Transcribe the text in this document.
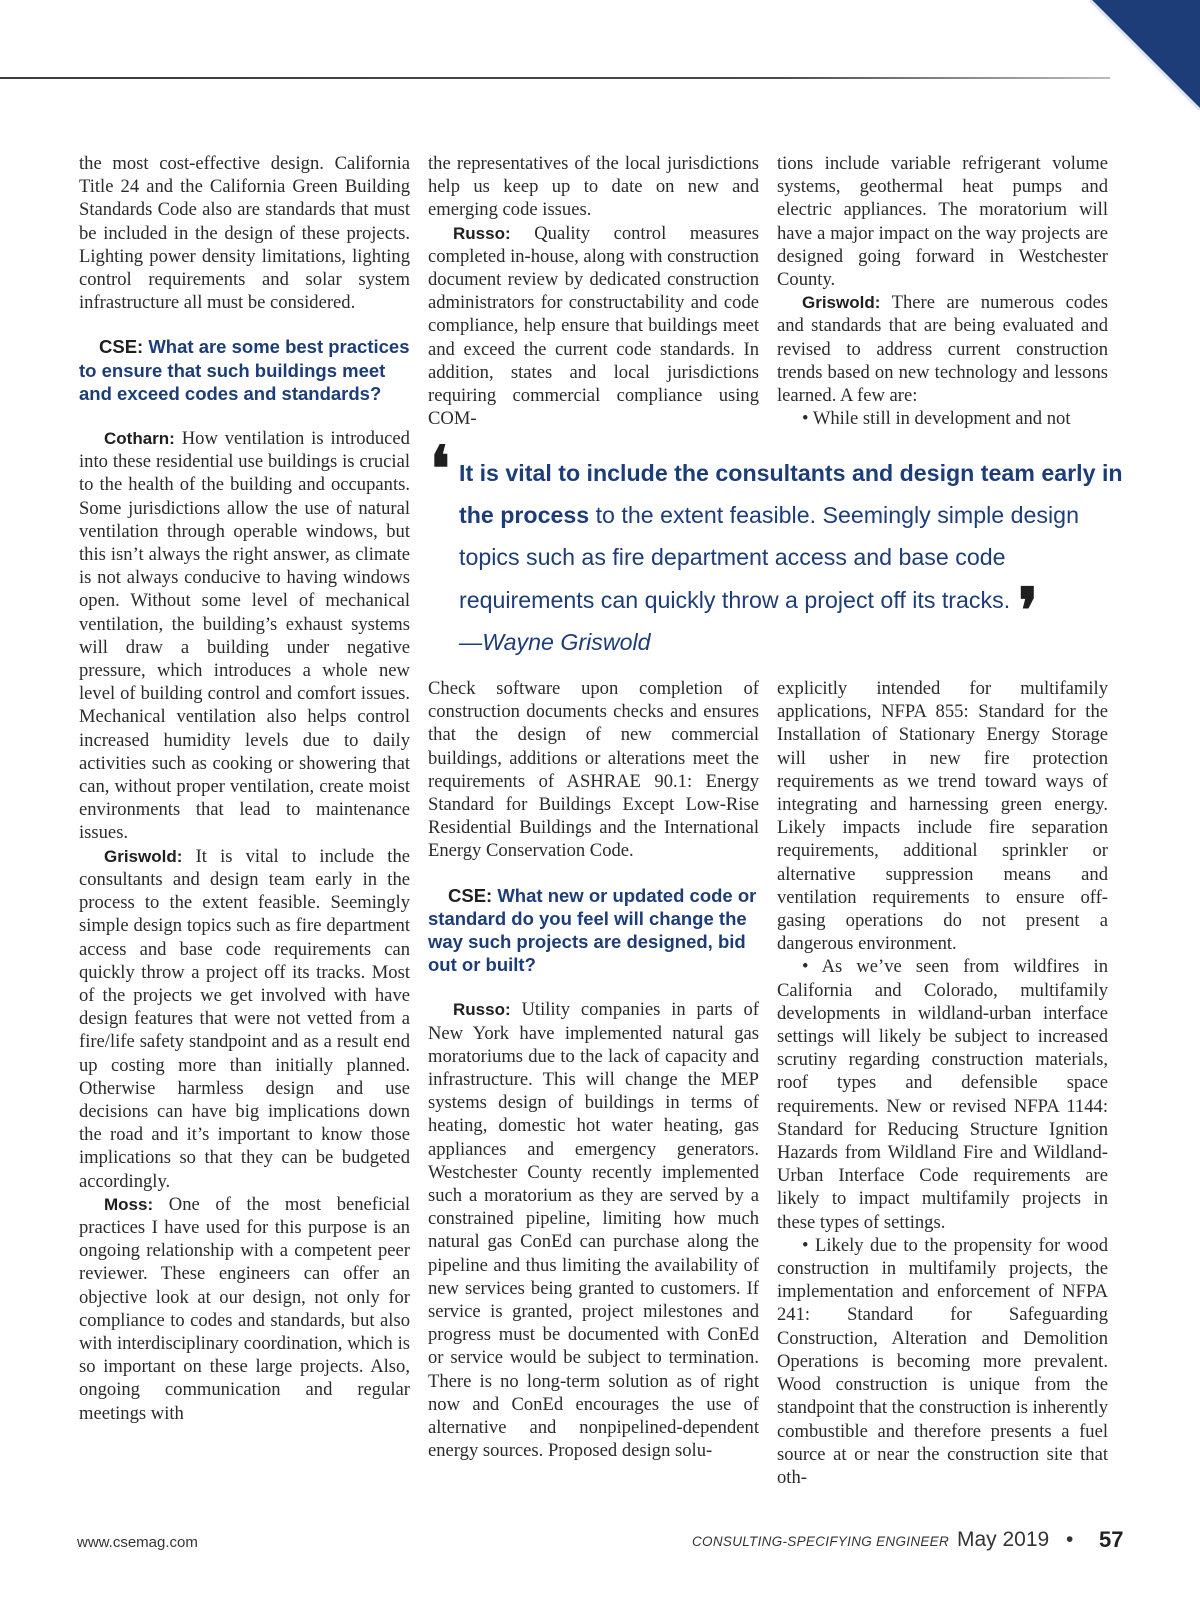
the most cost-effective design. California Title 24 and the California Green Building Standards Code also are standards that must be included in the design of these projects. Lighting power density limitations, lighting control requirements and solar system infrastructure all must be considered.

CSE: What are some best practices to ensure that such buildings meet and exceed codes and standards?

Cotharn: How ventilation is introduced into these residential use buildings is crucial to the health of the building and occupants. Some jurisdictions allow the use of natural ventilation through operable windows, but this isn’t always the right answer, as climate is not always conducive to having windows open. Without some level of mechanical ventilation, the building’s exhaust systems will draw a building under negative pressure, which introduces a whole new level of building control and comfort issues. Mechanical ventilation also helps control increased humidity levels due to daily activities such as cooking or showering that can, without proper ventilation, create moist environments that lead to maintenance issues.

Griswold: It is vital to include the consultants and design team early in the process to the extent feasible. Seemingly simple design topics such as fire department access and base code requirements can quickly throw a project off its tracks. Most of the projects we get involved with have design features that were not vetted from a fire/life safety standpoint and as a result end up costing more than initially planned. Otherwise harmless design and use decisions can have big implications down the road and it’s important to know those implications so that they can be budgeted accordingly.

Moss: One of the most beneficial practices I have used for this purpose is an ongoing relationship with a competent peer reviewer. These engineers can offer an objective look at our design, not only for compliance to codes and standards, but also with interdisciplinary coordination, which is so important on these large projects. Also, ongoing communication and regular meetings with

the representatives of the local jurisdictions help us keep up to date on new and emerging code issues.

Russo: Quality control measures completed in-house, along with construction document review by dedicated construction administrators for constructability and code compliance, help ensure that buildings meet and exceed the current code standards. In addition, states and local jurisdictions requiring commercial compliance using COM-

tions include variable refrigerant volume systems, geothermal heat pumps and electric appliances. The moratorium will have a major impact on the way projects are designed going forward in Westchester County.

Griswold: There are numerous codes and standards that are being evaluated and revised to address current construction trends based on new technology and lessons learned. A few are:

• While still in development and not

❛ It is vital to include the consultants and design team early in the process to the extent feasible. Seemingly simple design topics such as fire department access and base code requirements can quickly throw a project off its tracks. ❜
—Wayne Griswold

Check software upon completion of construction documents checks and ensures that the design of new commercial buildings, additions or alterations meet the requirements of ASHRAE 90.1: Energy Standard for Buildings Except Low-Rise Residential Buildings and the International Energy Conservation Code.

CSE: What new or updated code or standard do you feel will change the way such projects are designed, bid out or built?

Russo: Utility companies in parts of New York have implemented natural gas moratoriums due to the lack of capacity and infrastructure. This will change the MEP systems design of buildings in terms of heating, domestic hot water heating, gas appliances and emergency generators. Westchester County recently implemented such a moratorium as they are served by a constrained pipeline, limiting how much natural gas ConEd can purchase along the pipeline and thus limiting the availability of new services being granted to customers. If service is granted, project milestones and progress must be documented with ConEd or service would be subject to termination. There is no long-term solution as of right now and ConEd encourages the use of alternative and nonpipelined-dependent energy sources. Proposed design solu-

explicitly intended for multifamily applications, NFPA 855: Standard for the Installation of Stationary Energy Storage will usher in new fire protection requirements as we trend toward ways of integrating and harnessing green energy. Likely impacts include fire separation requirements, additional sprinkler or alternative suppression means and ventilation requirements to ensure off-gasing operations do not present a dangerous environment.

• As we’ve seen from wildfires in California and Colorado, multifamily developments in wildland-urban interface settings will likely be subject to increased scrutiny regarding construction materials, roof types and defensible space requirements. New or revised NFPA 1144: Standard for Reducing Structure Ignition Hazards from Wildland Fire and Wildland-Urban Interface Code requirements are likely to impact multifamily projects in these types of settings.

• Likely due to the propensity for wood construction in multifamily projects, the implementation and enforcement of NFPA 241: Standard for Safeguarding Construction, Alteration and Demolition Operations is becoming more prevalent. Wood construction is unique from the standpoint that the construction is inherently combustible and therefore presents a fuel source at or near the construction site that oth-

www.csemag.com	CONSULTING-SPECIFYING ENGINEER May 2019 • 57
